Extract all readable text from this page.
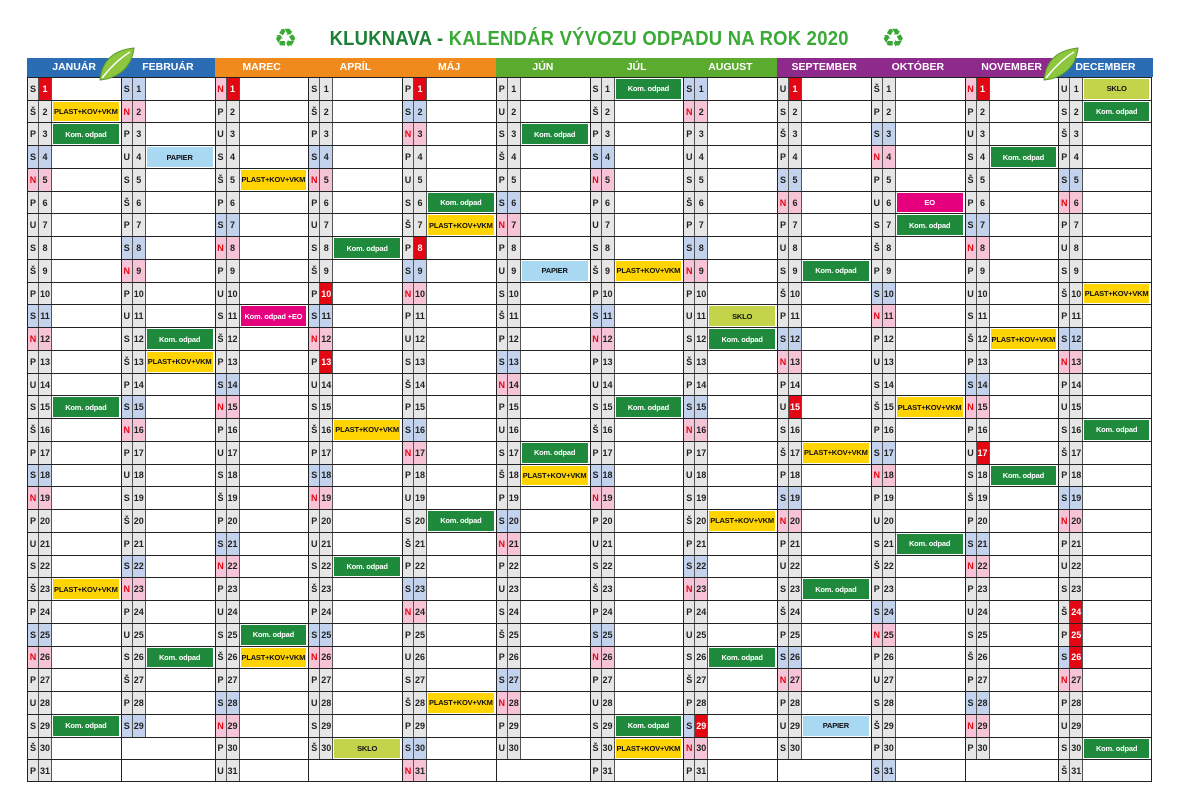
♻ KLUKNAVA - KALENDÁR VÝVOZU ODPADU NA ROK 2020 ♻
JANUÁR
S 1
Š 2 PLAST+KOV+VKM
P 3	Kom. odpad
S 4
N 5
P 6
U 7
S 8
Š 9
P 10
S 11
N 12
P 13
U 14
S 15	Kom. odpad
Š 16
P 17
S 18
N 19
P 20
U 21
S 22
Š 23 PLAST+KOV+VKM
P 24
S 25
N 26
P 27
U 28
S 29	Kom. odpad
Š 30
P 31
FEBRUÁR
S 1
N 2
P 3
U 4	PAPIER
S 5
Š 6
P 7
S 8
N 9
P 10
U 11
S 12	Kom. odpad
Š 13 PLAST+KOV+VKM
P 14
S 15
N 16
P 17
U 18
S 19
Š 20
P 21
S 22
N 23
P 24
U 25
S 26	Kom. odpad
Š 27
P 28
S 29
MAREC
N 1
P 2
U 3
S 4
Š 5 PLAST+KOV+VKM
P 6
S 7
N 8
P 9
U 10
S 11 Kom. odpad +EO
Š 12
P 13
S 14
N 15
P 16
U 17
S 18
Š 19
P 20
S 21
N 22
P 23
U 24
S 25	Kom. odpad
Š 26 PLAST+KOV+VKM
P 27
S 28
N 29
P 30
U 31
APRÍL
S 1
Š 2
P 3
S 4
N 5
P 6
U 7
S 8	Kom. odpad
Š 9
P 10
S 11
N 12
P 13
U 14
S 15
Š 16 PLAST+KOV+VKM
P 17
S 18
N 19
P 20
U 21
S 22	Kom. odpad
Š 23
P 24
S 25
N 26
P 27
U 28
S 29
Š 30	SKLO
MÁJ
P 1
S 2
N 3
P 4
U 5
S 6	Kom. odpad
Š 7 PLAST+KOV+VKM
P 8
S 9
N 10
P 11
U 12
S 13
Š 14
P 15
S 16
N 17
P 18
U 19
S 20	Kom. odpad
Š 21
P 22
S 23
N 24
P 25
U 26
S 27
Š 28 PLAST+KOV+VKM
P 29
S 30
N 31
JÚN
P 1
U 2
S 3	Kom. odpad
Š 4
P 5
S 6
N 7
P 8
U 9	PAPIER
S 10
Š 11
P 12
S 13
N 14
P 15
U 16
S 17	Kom. odpad
Š 18 PLAST+KOV+VKM
P 19
S 20
N 21
P 22
U 23
S 24
Š 25
P 26
S 27
N 28
P 29
U 30
JÚL
S 1	Kom. odpad
Š 2
P 3
S 4
N 5
P 6
U 7
S 8
Š 9 PLAST+KOV+VKM
P 10
S 11
N 12
P 13
U 14
S 15	Kom. odpad
Š 16
P 17
S 18
N 19
P 20
U 21
S 22
Š 23
P 24
S 25
N 26
P 27
U 28
S 29	Kom. odpad
Š 30 PLAST+KOV+VKM
P 31
AUGUST
S 1
N 2
P 3
U 4
S 5
Š 6
P 7
S 8
N 9
P 10
U 11	SKLO
S 12	Kom. odpad
Š 13
P 14
S 15
N 16
P 17
U 18
S 19
Š 20 PLAST+KOV+VKM
P 21
S 22
N 23
P 24
U 25
S 26	Kom. odpad
Š 27
P 28
S 29
N 30
P 31
SEPTEMBER
U 1
S 2
Š 3
P 4
S 5
N 6
P 7
U 8
S 9	Kom. odpad
Š 10
P 11
S 12
N 13
P 14
U 15
S 16
Š 17 PLAST+KOV+VKM
P 18
S 19
N 20
P 21
U 22
S 23	Kom. odpad
Š 24
P 25
S 26
N 27
P 28
U 29	PAPIER
S 30
OKTÓBER
Š 1
P 2
S 3
N 4
P 5
U 6	EO
S 7	Kom. odpad
Š 8
P 9
S 10
N 11
P 12
U 13
S 14
Š 15 PLAST+KOV+VKM
P 16
S 17
N 18
P 19
U 20
S 21	Kom. odpad
Š 22
P 23
S 24
N 25
P 26
U 27
S 28
Š 29
P 30
S 31
NOVEMBER
N 1
P 2
U 3
S 4	Kom. odpad
Š 5
P 6
S 7
N 8
P 9
U 10
S 11
Š 12 PLAST+KOV+VKM
P 13
S 14
N 15
P 16
U 17
S 18	Kom. odpad
Š 19
P 20
S 21
N 22
P 23
U 24
S 25
Š 26
P 27
S 28
N 29
P 30
DECEMBER
U 1	SKLO
S 2	Kom. odpad
Š 3
P 4
S 5
N 6
P 7
U 8
S 9
Š 10 PLAST+KOV+VKM
P 11
S 12
N 13
P 14
U 15
S 16	Kom. odpad
Š 17
P 18
S 19
N 20
P 21
U 22
S 23
Š 24
P 25
S 26
N 27
P 28
U 29
S 30	Kom. odpad
Š 31
